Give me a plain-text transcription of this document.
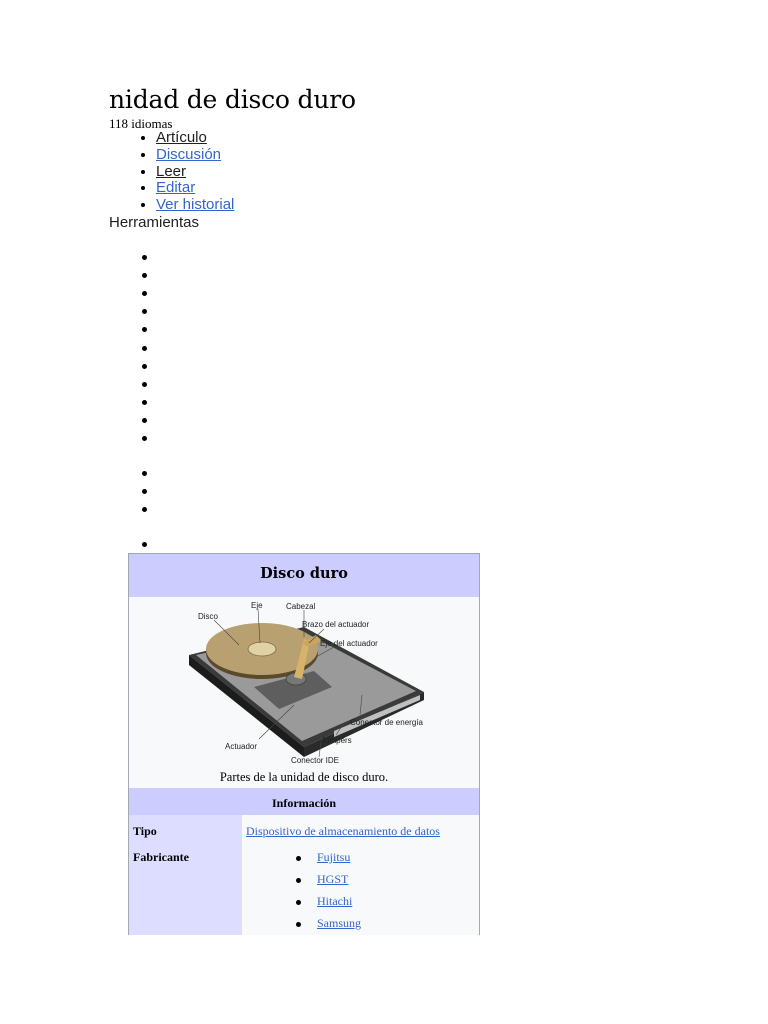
nidad de disco duro
118 idiomas
• Artículo
• Discusión
• Leer
• Editar
• Ver historial
Herramientas
Disco duro
Eje
Disco
Cabezal
Brazo del actuador
Eje del actuador
Conector de energía
Jumpers
Actuador
Conector IDE
Partes de la unidad de disco duro.
Información
Tipo	Dispositivo de almacenamiento de datos
Fabricante	Fujitsu
HGST
Hitachi
Samsung
